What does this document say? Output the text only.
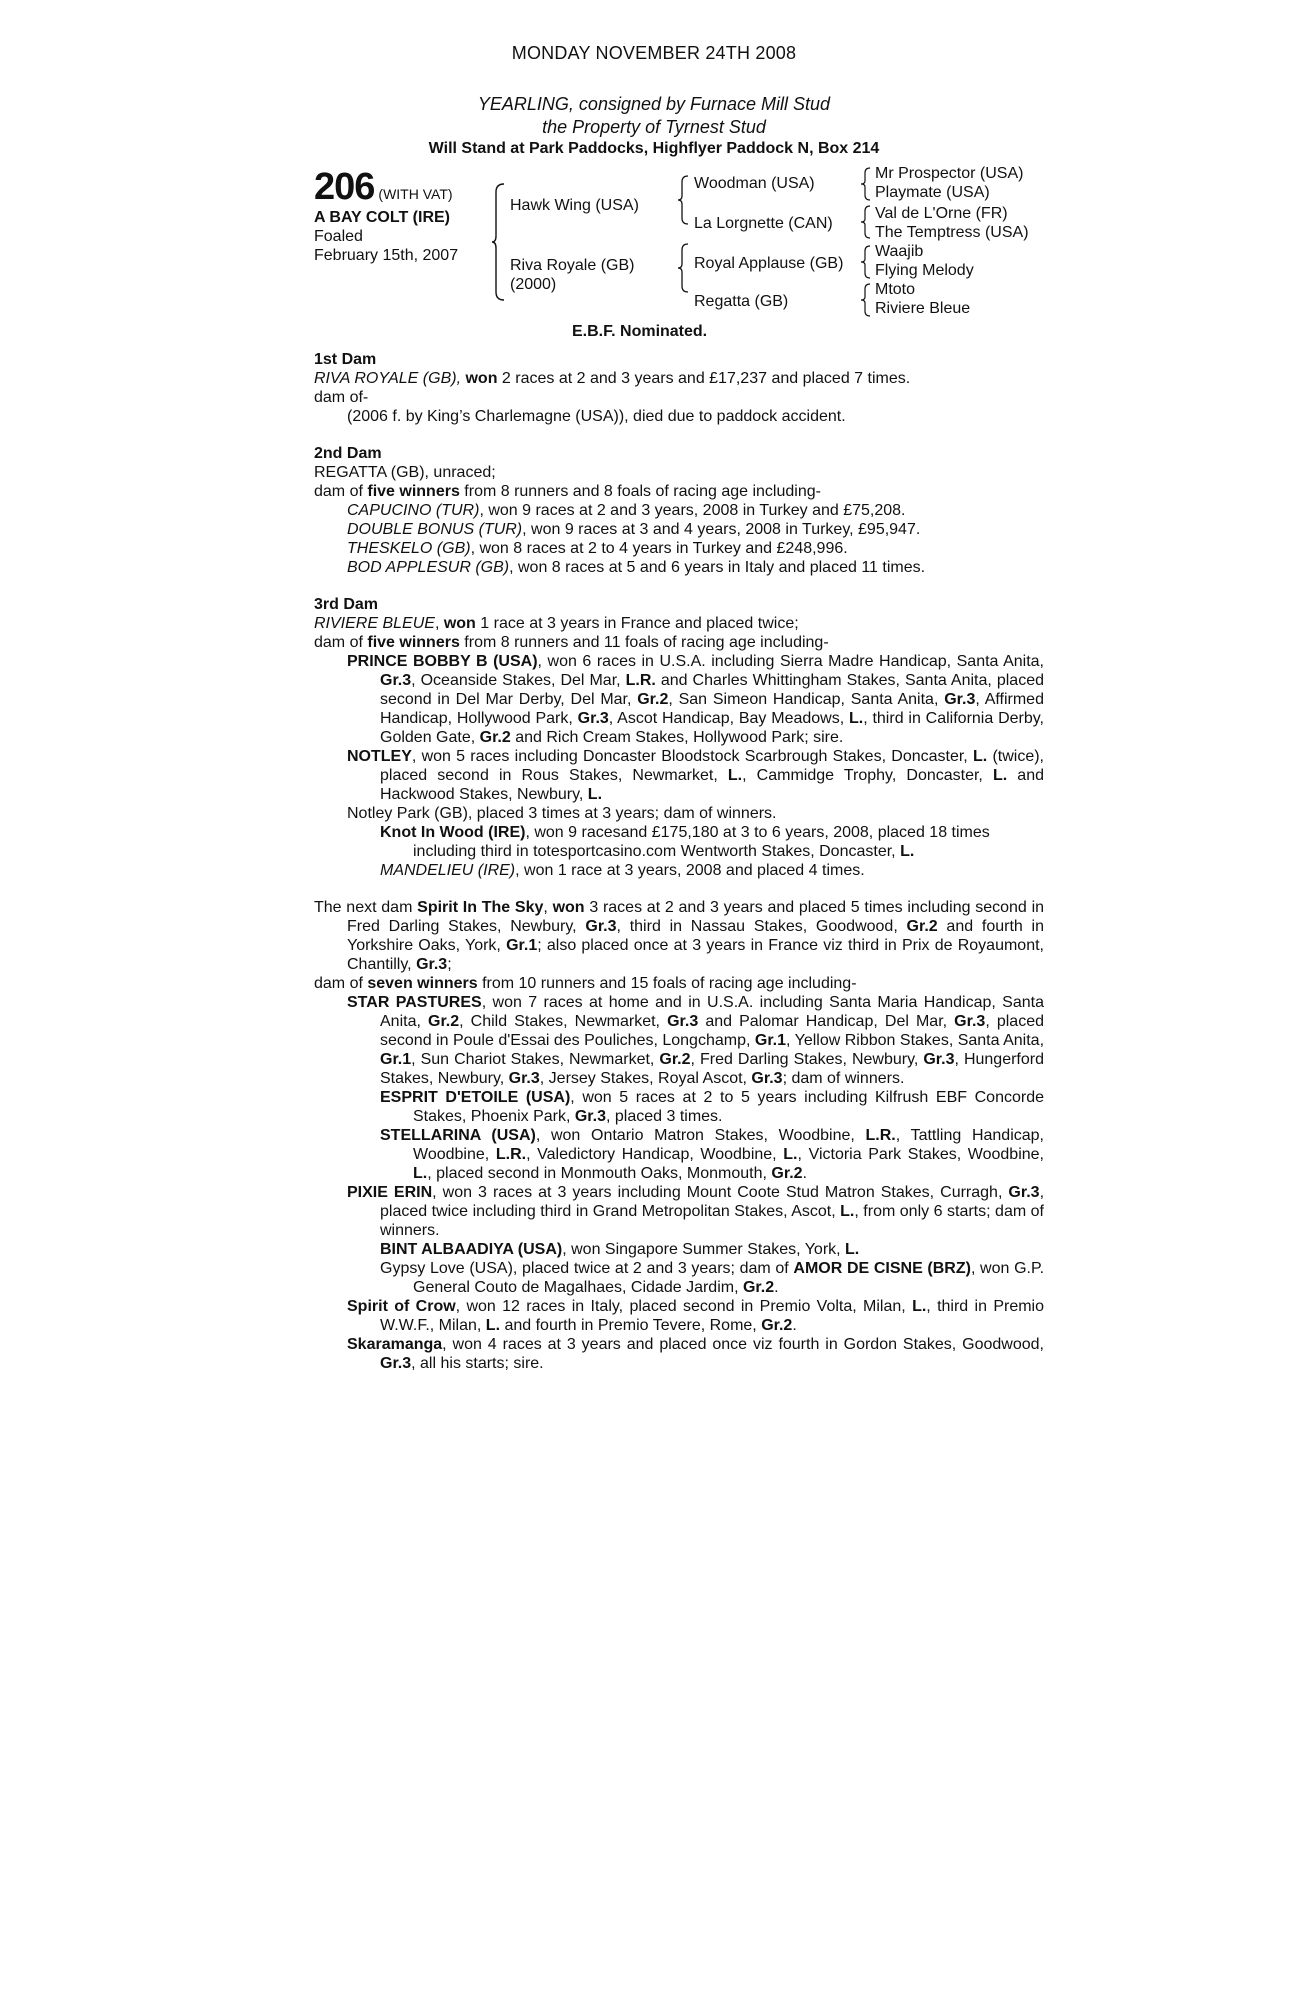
MONDAY NOVEMBER 24TH 2008
YEARLING, consigned by Furnace Mill Stud
the Property of Tyrnest Stud
Will Stand at Park Paddocks, Highflyer Paddock N, Box 214
206 (WITH VAT)
A BAY COLT (IRE)
Foaled
February 15th, 2007
Hawk Wing (USA)
Riva Royale (GB)
(2000)
Woodman (USA)
La Lorgnette (CAN)
Royal Applause (GB)
Regatta (GB)
Mr Prospector (USA)
Playmate (USA)
Val de L'Orne (FR)
The Temptress (USA)
Waajib
Flying Melody
Mtoto
Riviere Bleue
E.B.F. Nominated.
1st Dam

RIVA ROYALE (GB), won 2 races at 2 and 3 years and £17,237 and placed 7 times.

dam of-

(2006 f. by King’s Charlemagne (USA)), died due to paddock accident.

2nd Dam

REGATTA (GB), unraced;

dam of five winners from 8 runners and 8 foals of racing age including-

CAPUCINO (TUR), won 9 races at 2 and 3 years, 2008 in Turkey and £75,208.

DOUBLE BONUS (TUR), won 9 races at 3 and 4 years, 2008 in Turkey, £95,947.

THESKELO (GB), won 8 races at 2 to 4 years in Turkey and £248,996.

BOD APPLESUR (GB), won 8 races at 5 and 6 years in Italy and placed 11 times.

3rd Dam

RIVIERE BLEUE, won 1 race at 3 years in France and placed twice;

dam of five winners from 8 runners and 11 foals of racing age including-

PRINCE BOBBY B (USA), won 6 races in U.S.A. including Sierra Madre Handicap, Santa Anita, Gr.3, Oceanside Stakes, Del Mar, L.R. and Charles Whittingham Stakes, Santa Anita, placed second in Del Mar Derby, Del Mar, Gr.2, San Simeon Handicap, Santa Anita, Gr.3, Affirmed Handicap, Hollywood Park, Gr.3, Ascot Handicap, Bay Meadows, L., third in California Derby, Golden Gate, Gr.2 and Rich Cream Stakes, Hollywood Park; sire.

NOTLEY, won 5 races including Doncaster Bloodstock Scarbrough Stakes, Doncaster, L. (twice), placed second in Rous Stakes, Newmarket, L., Cammidge Trophy, Doncaster, L. and Hackwood Stakes, Newbury, L.

Notley Park (GB), placed 3 times at 3 years; dam of winners.

Knot In Wood (IRE), won 9 racesand £175,180 at 3 to 6 years, 2008, placed 18 times including third in totesportcasino.com Wentworth Stakes, Doncaster, L.

MANDELIEU (IRE), won 1 race at 3 years, 2008 and placed 4 times.

The next dam Spirit In The Sky, won 3 races at 2 and 3 years and placed 5 times including second in Fred Darling Stakes, Newbury, Gr.3, third in Nassau Stakes, Goodwood, Gr.2 and fourth in Yorkshire Oaks, York, Gr.1; also placed once at 3 years in France viz third in Prix de Royaumont, Chantilly, Gr.3;

dam of seven winners from 10 runners and 15 foals of racing age including-

STAR PASTURES, won 7 races at home and in U.S.A. including Santa Maria Handicap, Santa Anita, Gr.2, Child Stakes, Newmarket, Gr.3 and Palomar Handicap, Del Mar, Gr.3, placed second in Poule d'Essai des Pouliches, Longchamp, Gr.1, Yellow Ribbon Stakes, Santa Anita, Gr.1, Sun Chariot Stakes, Newmarket, Gr.2, Fred Darling Stakes, Newbury, Gr.3, Hungerford Stakes, Newbury, Gr.3, Jersey Stakes, Royal Ascot, Gr.3; dam of winners.

ESPRIT D'ETOILE (USA), won 5 races at 2 to 5 years including Kilfrush EBF Concorde Stakes, Phoenix Park, Gr.3, placed 3 times.

STELLARINA (USA), won Ontario Matron Stakes, Woodbine, L.R., Tattling Handicap, Woodbine, L.R., Valedictory Handicap, Woodbine, L., Victoria Park Stakes, Woodbine, L., placed second in Monmouth Oaks, Monmouth, Gr.2.

PIXIE ERIN, won 3 races at 3 years including Mount Coote Stud Matron Stakes, Curragh, Gr.3, placed twice including third in Grand Metropolitan Stakes, Ascot, L., from only 6 starts; dam of winners.

BINT ALBAADIYA (USA), won Singapore Summer Stakes, York, L.

Gypsy Love (USA), placed twice at 2 and 3 years; dam of AMOR DE CISNE (BRZ), won G.P. General Couto de Magalhaes, Cidade Jardim, Gr.2.

Spirit of Crow, won 12 races in Italy, placed second in Premio Volta, Milan, L., third in Premio W.W.F., Milan, L. and fourth in Premio Tevere, Rome, Gr.2.

Skaramanga, won 4 races at 3 years and placed once viz fourth in Gordon Stakes, Goodwood, Gr.3, all his starts; sire.
